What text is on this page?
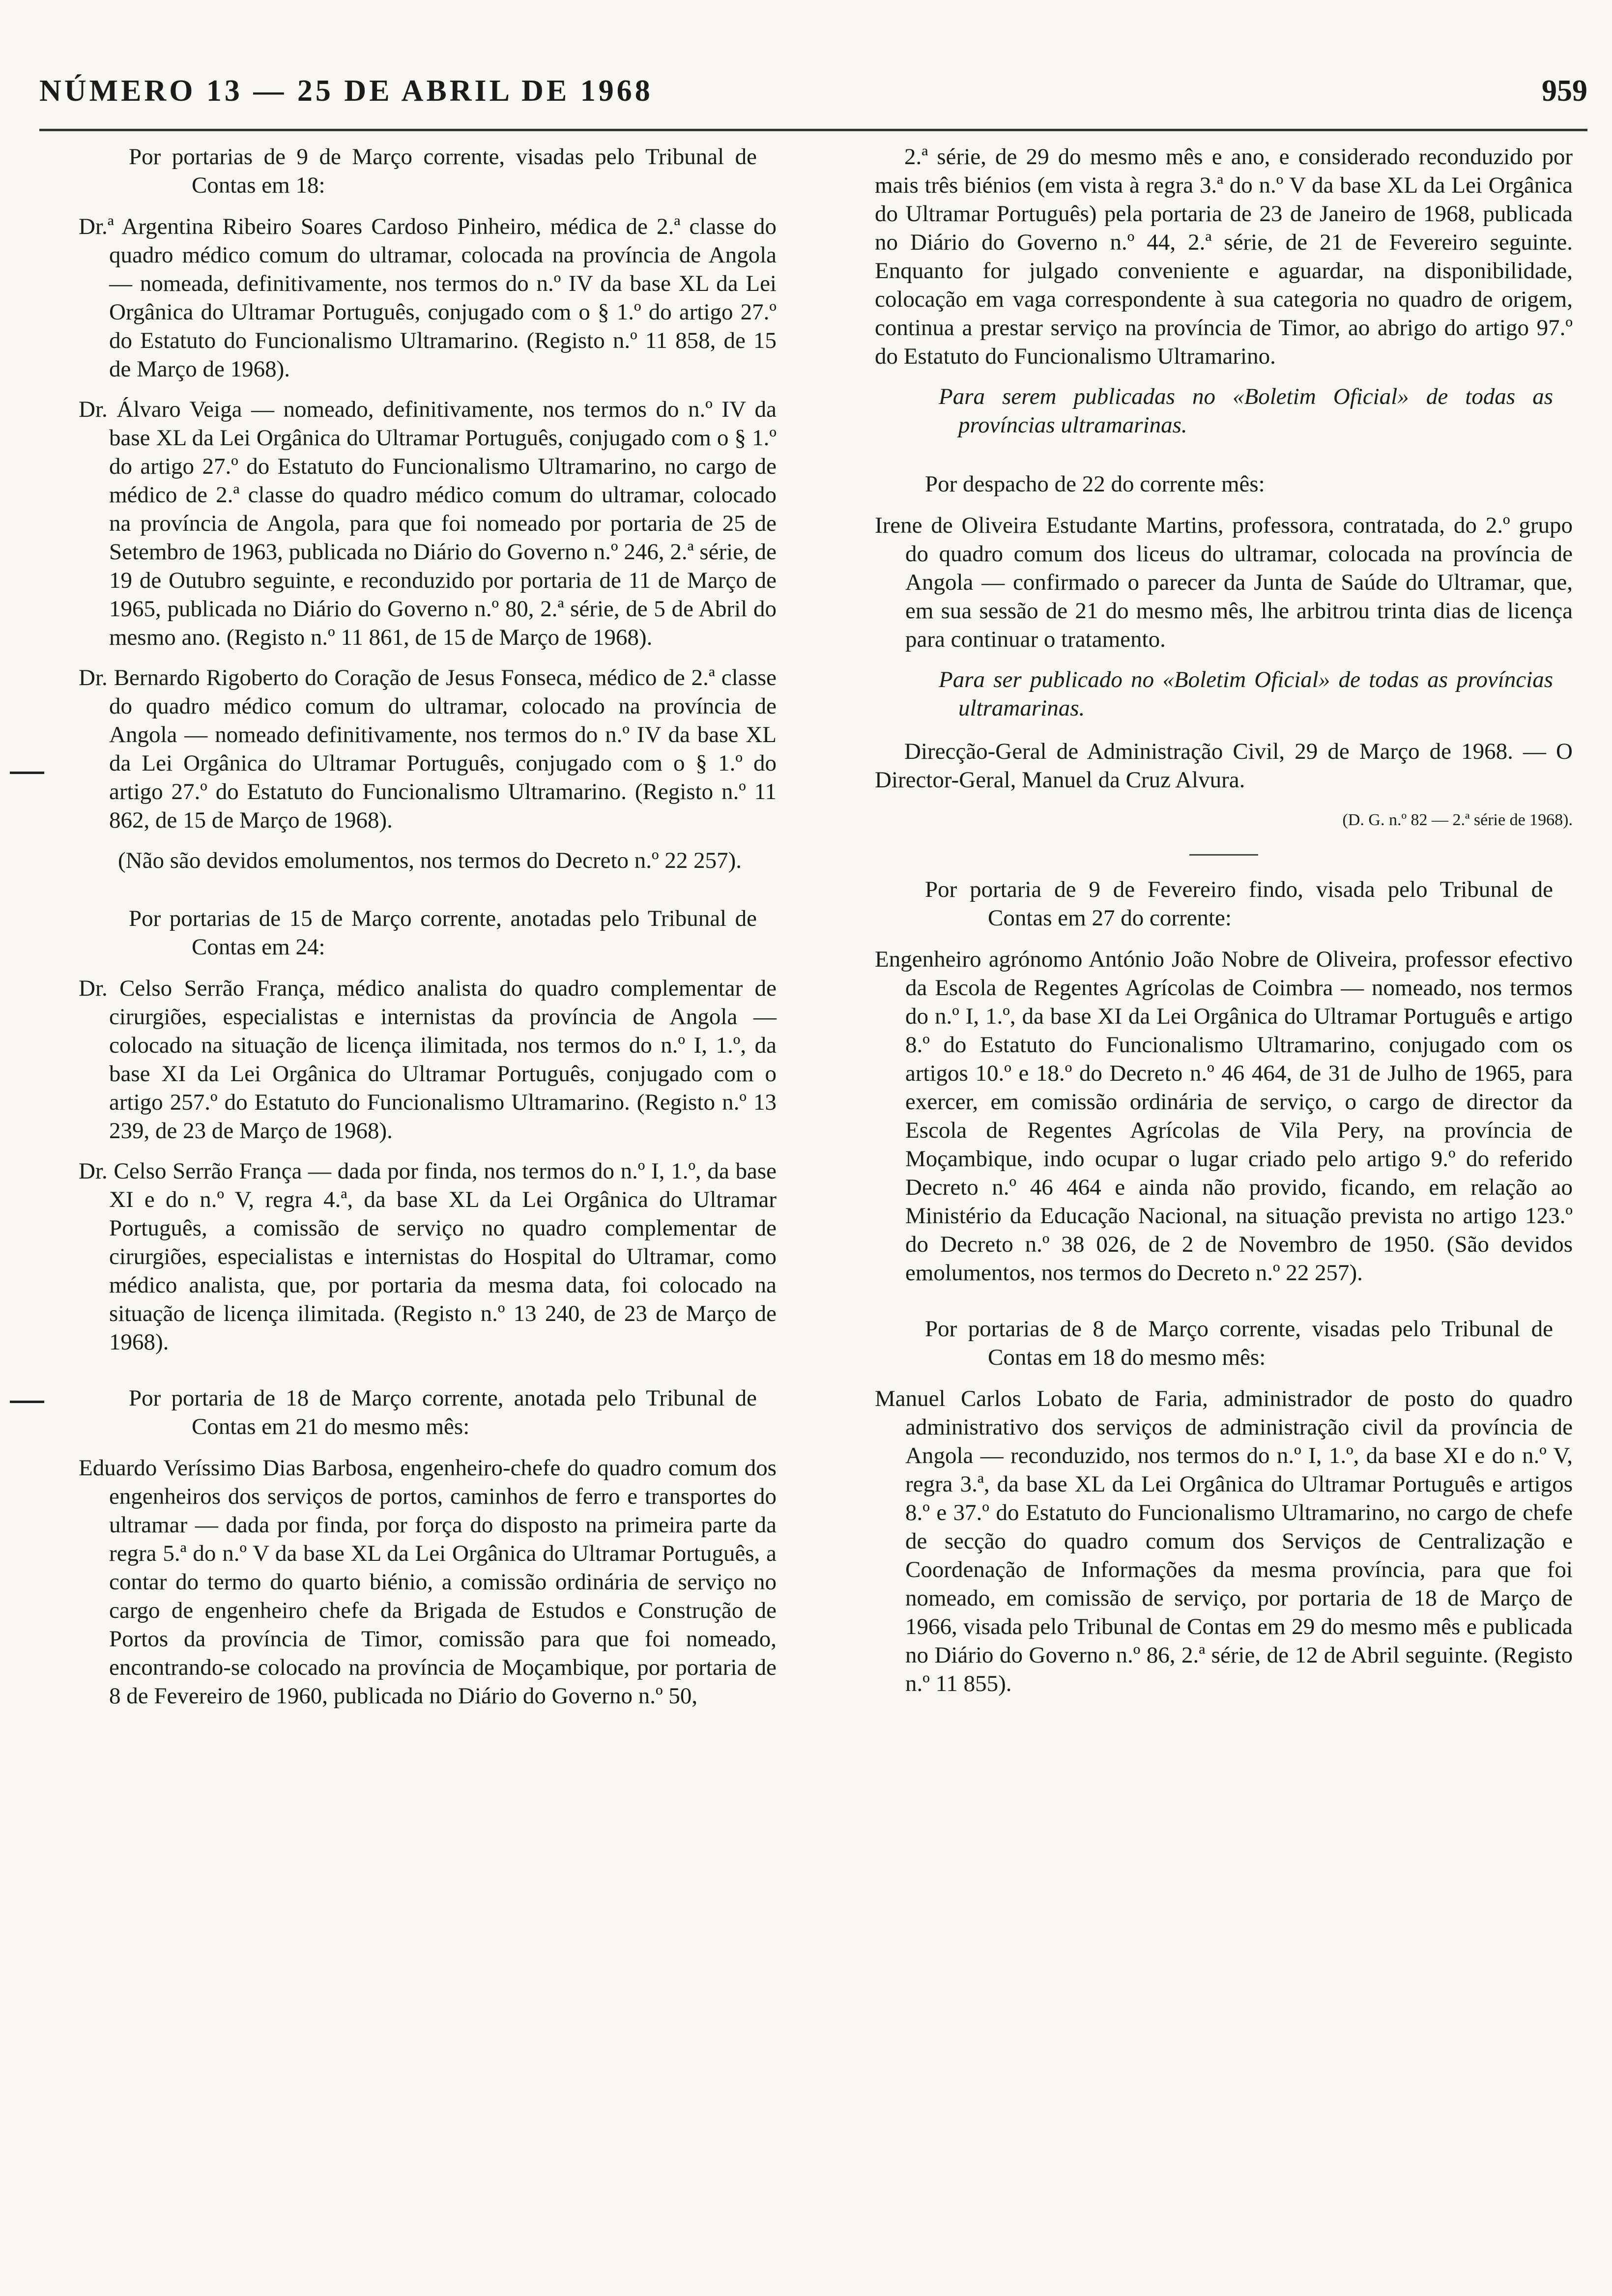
NÚMERO 13 — 25 DE ABRIL DE 1968	959

Por portarias de 9 de Março corrente, visadas pelo Tribunal de Contas em 18:

Dr.ª Argentina Ribeiro Soares Cardoso Pinheiro, médica de 2.ª classe do quadro médico comum do ultramar, colocada na província de Angola — nomeada, definitivamente, nos termos do n.º IV da base XL da Lei Orgânica do Ultramar Português, conjugado com o § 1.º do artigo 27.º do Estatuto do Funcionalismo Ultramarino. (Registo n.º 11 858, de 15 de Março de 1968).

Dr. Álvaro Veiga — nomeado, definitivamente, nos termos do n.º IV da base XL da Lei Orgânica do Ultramar Português, conjugado com o § 1.º do artigo 27.º do Estatuto do Funcionalismo Ultramarino, no cargo de médico de 2.ª classe do quadro médico comum do ultramar, colocado na província de Angola, para que foi nomeado por portaria de 25 de Setembro de 1963, publicada no Diário do Governo n.º 246, 2.ª série, de 19 de Outubro seguinte, e reconduzido por portaria de 11 de Março de 1965, publicada no Diário do Governo n.º 80, 2.ª série, de 5 de Abril do mesmo ano. (Registo n.º 11 861, de 15 de Março de 1968).

Dr. Bernardo Rigoberto do Coração de Jesus Fonseca, médico de 2.ª classe do quadro médico comum do ultramar, colocado na província de Angola — nomeado definitivamente, nos termos do n.º IV da base XL da Lei Orgânica do Ultramar Português, conjugado com o § 1.º do artigo 27.º do Estatuto do Funcionalismo Ultramarino. (Registo n.º 11 862, de 15 de Março de 1968).

(Não são devidos emolumentos, nos termos do Decreto n.º 22 257).

Por portarias de 15 de Março corrente, anotadas pelo Tribunal de Contas em 24:

Dr. Celso Serrão França, médico analista do quadro complementar de cirurgiões, especialistas e internistas da província de Angola — colocado na situação de licença ilimitada, nos termos do n.º I, 1.º, da base XI da Lei Orgânica do Ultramar Português, conjugado com o artigo 257.º do Estatuto do Funcionalismo Ultramarino. (Registo n.º 13 239, de 23 de Março de 1968).

Dr. Celso Serrão França — dada por finda, nos termos do n.º I, 1.º, da base XI e do n.º V, regra 4.ª, da base XL da Lei Orgânica do Ultramar Português, a comissão de serviço no quadro complementar de cirurgiões, especialistas e internistas do Hospital do Ultramar, como médico analista, que, por portaria da mesma data, foi colocado na situação de licença ilimitada. (Registo n.º 13 240, de 23 de Março de 1968).

Por portaria de 18 de Março corrente, anotada pelo Tribunal de Contas em 21 do mesmo mês:

Eduardo Veríssimo Dias Barbosa, engenheiro-chefe do quadro comum dos engenheiros dos serviços de portos, caminhos de ferro e transportes do ultramar — dada por finda, por força do disposto na primeira parte da regra 5.ª do n.º V da base XL da Lei Orgânica do Ultramar Português, a contar do termo do quarto biénio, a comissão ordinária de serviço no cargo de engenheiro chefe da Brigada de Estudos e Construção de Portos da província de Timor, comissão para que foi nomeado, encontrando-se colocado na província de Moçambique, por portaria de 8 de Fevereiro de 1960, publicada no Diário do Governo n.º 50,

2.ª série, de 29 do mesmo mês e ano, e considerado reconduzido por mais três biénios (em vista à regra 3.ª do n.º V da base XL da Lei Orgânica do Ultramar Português) pela portaria de 23 de Janeiro de 1968, publicada no Diário do Governo n.º 44, 2.ª série, de 21 de Fevereiro seguinte. Enquanto for julgado conveniente e aguardar, na disponibilidade, colocação em vaga correspondente à sua categoria no quadro de origem, continua a prestar serviço na província de Timor, ao abrigo do artigo 97.º do Estatuto do Funcionalismo Ultramarino.

Para serem publicadas no «Boletim Oficial» de todas as províncias ultramarinas.

Por despacho de 22 do corrente mês:

Irene de Oliveira Estudante Martins, professora, contratada, do 2.º grupo do quadro comum dos liceus do ultramar, colocada na província de Angola — confirmado o parecer da Junta de Saúde do Ultramar, que, em sua sessão de 21 do mesmo mês, lhe arbitrou trinta dias de licença para continuar o tratamento.

Para ser publicado no «Boletim Oficial» de todas as províncias ultramarinas.

Direcção-Geral de Administração Civil, 29 de Março de 1968. — O Director-Geral, Manuel da Cruz Alvura.

(D. G. n.º 82 — 2.ª série de 1968).

Por portaria de 9 de Fevereiro findo, visada pelo Tribunal de Contas em 27 do corrente:

Engenheiro agrónomo António João Nobre de Oliveira, professor efectivo da Escola de Regentes Agrícolas de Coimbra — nomeado, nos termos do n.º I, 1.º, da base XI da Lei Orgânica do Ultramar Português e artigo 8.º do Estatuto do Funcionalismo Ultramarino, conjugado com os artigos 10.º e 18.º do Decreto n.º 46 464, de 31 de Julho de 1965, para exercer, em comissão ordinária de serviço, o cargo de director da Escola de Regentes Agrícolas de Vila Pery, na província de Moçambique, indo ocupar o lugar criado pelo artigo 9.º do referido Decreto n.º 46 464 e ainda não provido, ficando, em relação ao Ministério da Educação Nacional, na situação prevista no artigo 123.º do Decreto n.º 38 026, de 2 de Novembro de 1950. (São devidos emolumentos, nos termos do Decreto n.º 22 257).

Por portarias de 8 de Março corrente, visadas pelo Tribunal de Contas em 18 do mesmo mês:

Manuel Carlos Lobato de Faria, administrador de posto do quadro administrativo dos serviços de administração civil da província de Angola — reconduzido, nos termos do n.º I, 1.º, da base XI e do n.º V, regra 3.ª, da base XL da Lei Orgânica do Ultramar Português e artigos 8.º e 37.º do Estatuto do Funcionalismo Ultramarino, no cargo de chefe de secção do quadro comum dos Serviços de Centralização e Coordenação de Informações da mesma província, para que foi nomeado, em comissão de serviço, por portaria de 18 de Março de 1966, visada pelo Tribunal de Contas em 29 do mesmo mês e publicada no Diário do Governo n.º 86, 2.ª série, de 12 de Abril seguinte. (Registo n.º 11 855).
